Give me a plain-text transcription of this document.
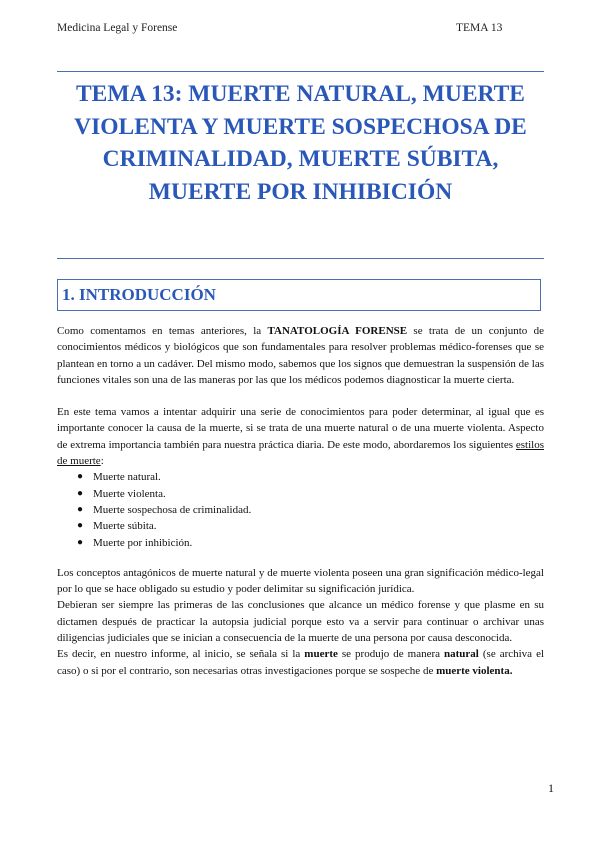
Medicina Legal y Forense	TEMA 13
TEMA 13: MUERTE NATURAL, MUERTE VIOLENTA Y MUERTE SOSPECHOSA DE CRIMINALIDAD, MUERTE SÚBITA, MUERTE POR INHIBICIÓN
1. INTRODUCCIÓN

Como comentamos en temas anteriores, la TANATOLOGÍA FORENSE se trata de un conjunto de conocimientos médicos y biológicos que son fundamentales para resolver problemas médico-forenses que se plantean en torno a un cadáver. Del mismo modo, sabemos que los signos que demuestran la suspensión de las funciones vitales son una de las maneras por las que los médicos podemos diagnosticar la muerte cierta.

En este tema vamos a intentar adquirir una serie de conocimientos para poder determinar, al igual que es importante conocer la causa de la muerte, si se trata de una muerte natural o de una muerte violenta. Aspecto de extrema importancia también para nuestra práctica diaria. De este modo, abordaremos los siguientes estilos de muerte:

● Muerte natural.
● Muerte violenta.
● Muerte sospechosa de criminalidad.
● Muerte súbita.
● Muerte por inhibición.

Los conceptos antagónicos de muerte natural y de muerte violenta poseen una gran significación médico-legal por lo que se hace obligado su estudio y poder delimitar su significación jurídica.

Debieran ser siempre las primeras de las conclusiones que alcance un médico forense y que plasme en su dictamen después de practicar la autopsia judicial porque esto va a servir para continuar o archivar unas diligencias judiciales que se inician a consecuencia de la muerte de una persona por causa desconocida.

Es decir, en nuestro informe, al inicio, se señala si la muerte se produjo de manera natural (se archiva el caso) o si por el contrario, son necesarias otras investigaciones porque se sospeche de muerte violenta.

1
